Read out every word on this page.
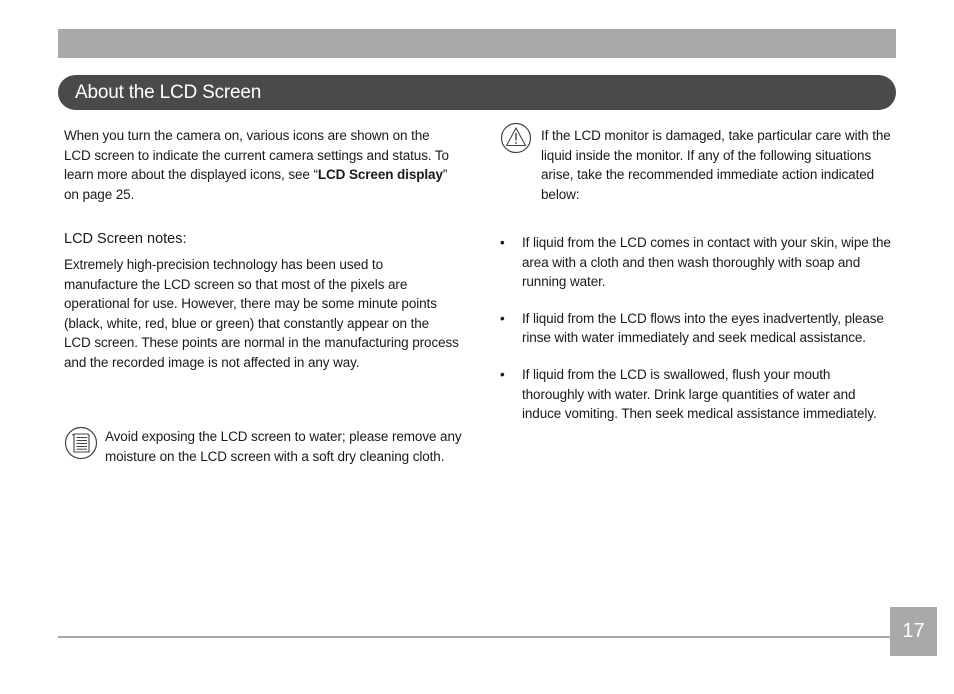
About the LCD Screen
When you turn the camera on, various icons are shown on the LCD screen to indicate the current camera settings and status. To learn more about the displayed icons, see “LCD Screen display” on page 25.
LCD Screen notes:
Extremely high-precision technology has been used to manufacture the LCD screen so that most of the pixels are operational for use. However, there may be some minute points (black, white, red, blue or green) that constantly appear on the LCD screen. These points are normal in the manufacturing process and the recorded image is not affected in any way.
Avoid exposing the LCD screen to water; please remove any moisture on the LCD screen with a soft dry cleaning cloth.
If the LCD monitor is damaged, take particular care with the liquid inside the monitor. If any of the following situations arise, take the recommended immediate action indicated below:
• If liquid from the LCD comes in contact with your skin, wipe the area with a cloth and then wash thoroughly with soap and running water.
• If liquid from the LCD flows into the eyes inadvertently, please rinse with water immediately and seek medical assistance.
• If liquid from the LCD is swallowed, flush your mouth thoroughly with water. Drink large quantities of water and induce vomiting. Then seek medical assistance immediately.
17
